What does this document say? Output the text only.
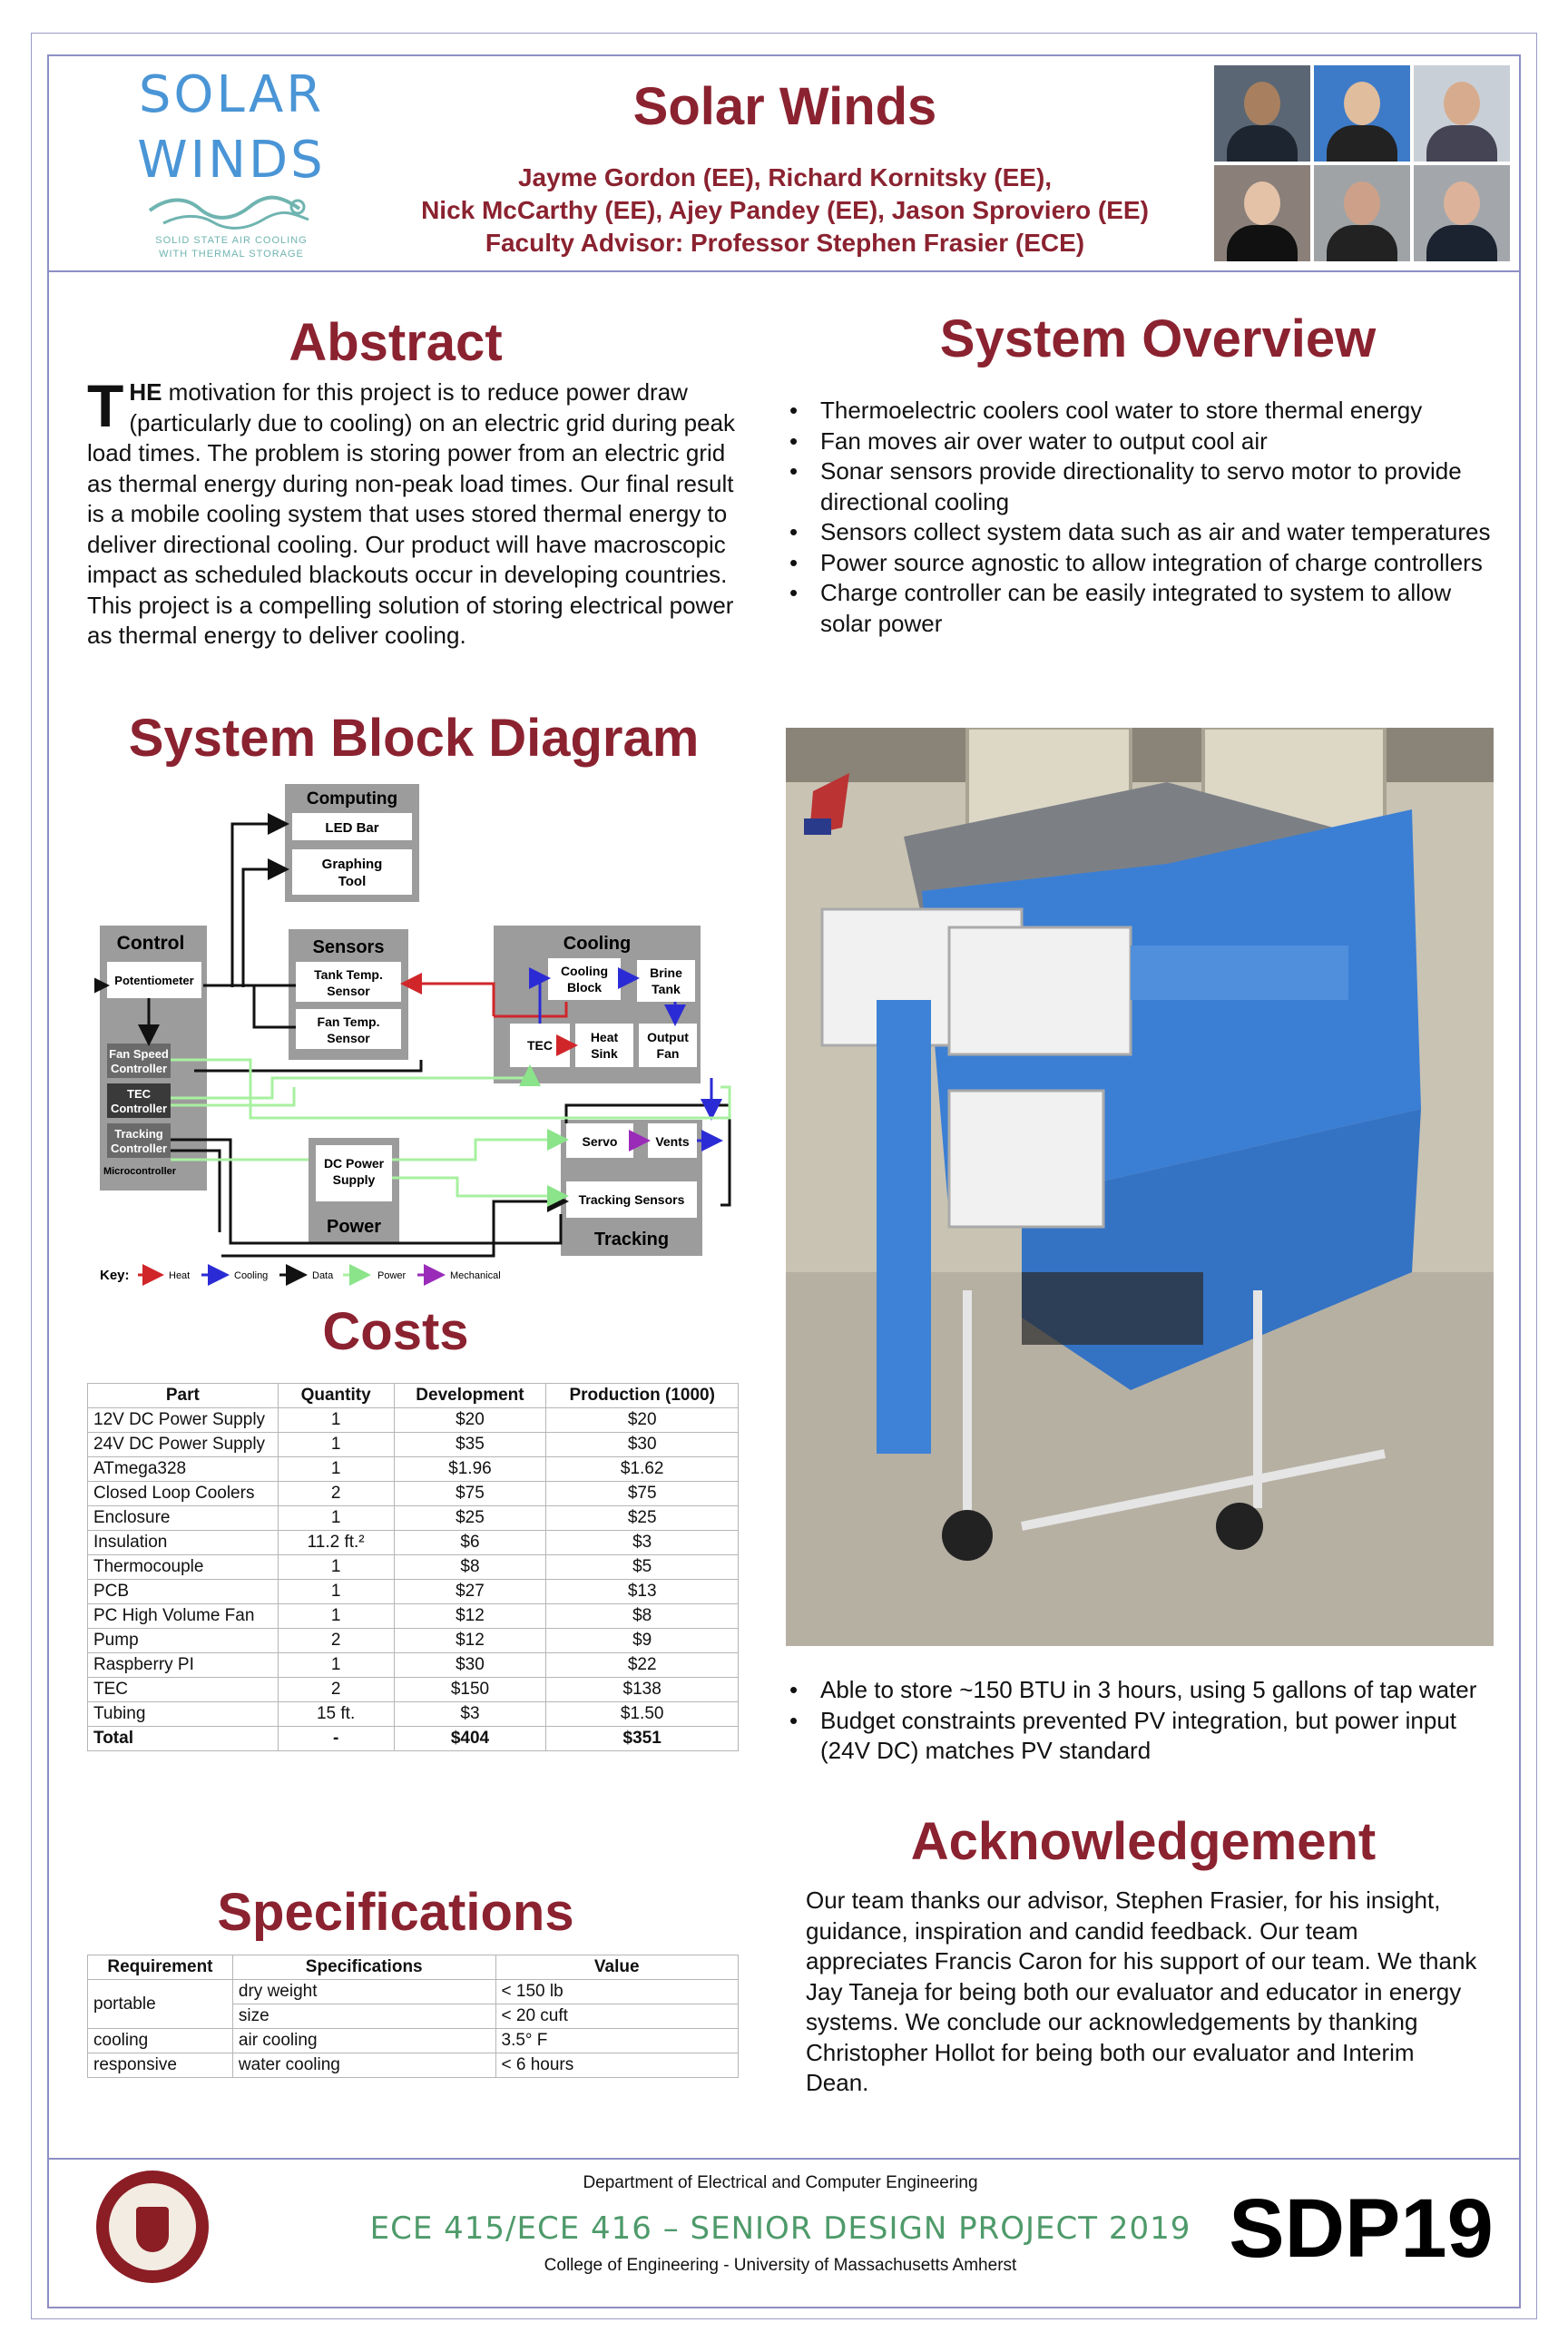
SOLAR
WINDS
SOLID STATE AIR COOLING
WITH THERMAL STORAGE
Solar Winds
Jayme Gordon (EE), Richard Kornitsky (EE),
Nick McCarthy (EE), Ajey Pandey (EE), Jason Sproviero (EE)
Faculty Advisor: Professor Stephen Frasier (ECE)
Abstract
THE motivation for this project is to reduce power draw (particularly due to cooling) on an electric grid during peak load times. The problem is storing power from an electric grid as thermal energy during non-peak load times. Our final result is a mobile cooling system that uses stored thermal energy to deliver directional cooling. Our product will have macroscopic impact as scheduled blackouts occur in developing countries. This project is a compelling solution of storing electrical power as thermal energy to deliver cooling.
System Overview
• Thermoelectric coolers cool water to store thermal energy
• Fan moves air over water to output cool air
• Sonar sensors provide directionality to servo motor to provide directional cooling
• Sensors collect system data such as air and water temperatures
• Power source agnostic to allow integration of charge controllers
• Charge controller can be easily integrated to system to allow solar power
System Block Diagram
Computing
LED Bar
Graphing
Tool
Control
Potentiometer
Fan Speed
Controller
TEC
Controller
Tracking
Controller
Microcontroller
Sensors
Tank Temp.
Sensor
Fan Temp.
Sensor
Cooling
Cooling
Block
Brine
Tank
TEC
Heat
Sink
Output
Fan
DC Power
Supply
Power
Servo	Vents
Tracking Sensors
Tracking
Key:	Heat	Cooling	Data	Power	Mechanical
Costs
Part	Quantity	Development	Production (1000)
12V DC Power Supply	1	$20	$20
24V DC Power Supply	1	$35	$30
ATmega328	1	$1.96	$1.62
Closed Loop Coolers	2	$75	$75
Enclosure	1	$25	$25
Insulation	11.2 ft.²	$6	$3
Thermocouple	1	$8	$5
PCB	1	$27	$13
PC High Volume Fan	1	$12	$8
Pump	2	$12	$9
Raspberry PI	1	$30	$22
TEC	2	$150	$138
Tubing	15 ft.	$3	$1.50
Total	-	$404	$351
Specifications
Requirement	Specifications	Value
portable	dry weight	< 150 lb
	size	< 20 cuft
cooling	air cooling	3.5° F
responsive	water cooling	< 6 hours
• Able to store ~150 BTU in 3 hours, using 5 gallons of tap water
• Budget constraints prevented PV integration, but power input (24V DC) matches PV standard
Acknowledgement
Our team thanks our advisor, Stephen Frasier, for his insight, guidance, inspiration and candid feedback. Our team appreciates Francis Caron for his support of our team. We thank Jay Taneja for being both our evaluator and educator in energy systems. We conclude our acknowledgements by thanking Christopher Hollot for being both our evaluator and Interim Dean.
Department of Electrical and Computer Engineering
ECE 415/ECE 416 – SENIOR DESIGN PROJECT 2019
College of Engineering - University of Massachusetts Amherst	SDP19
